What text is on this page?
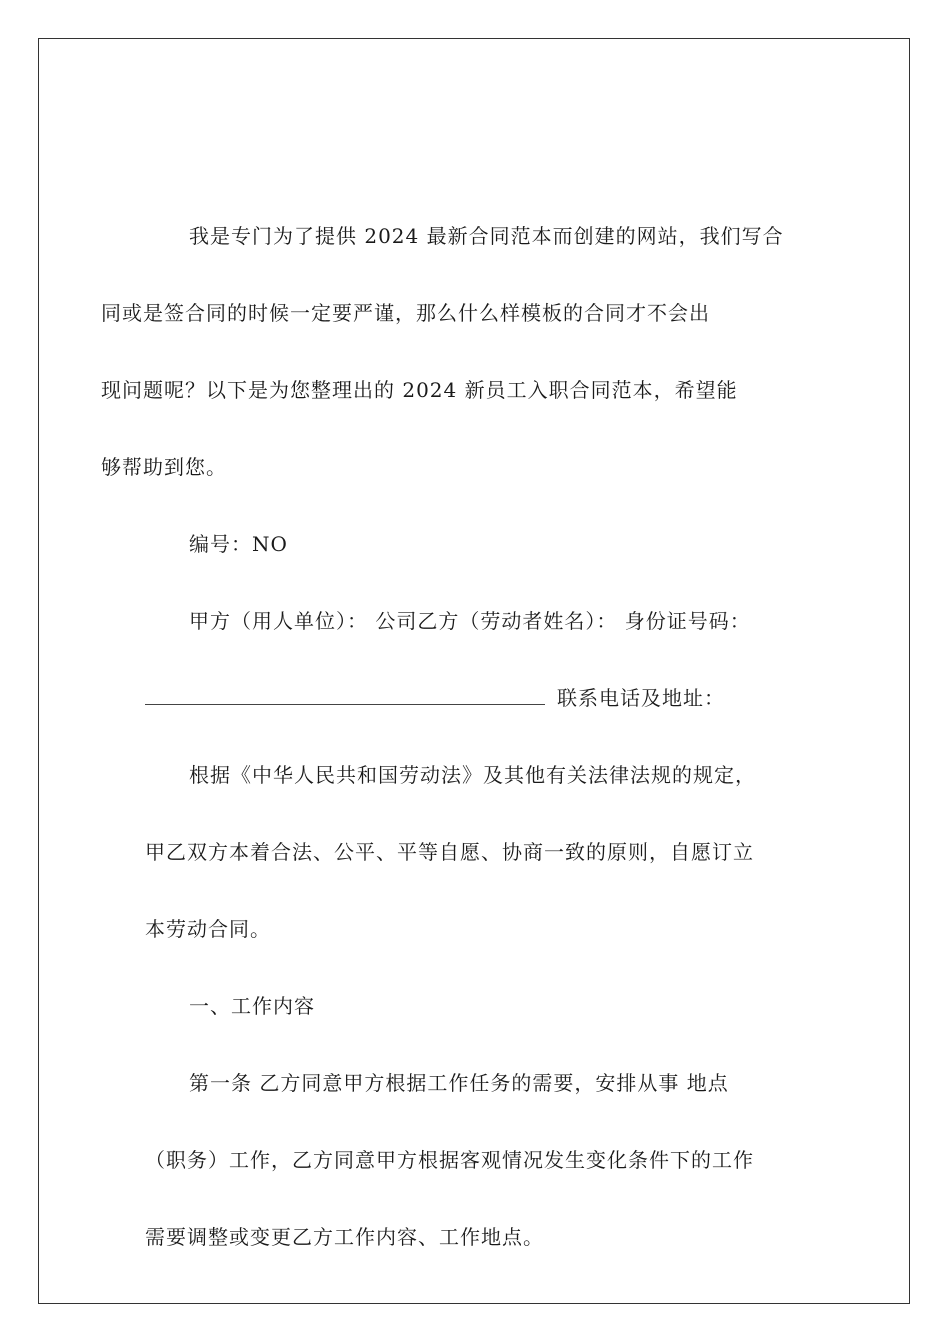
我是专门为了提供 2024 最新合同范本而创建的网站，我们写合
同或是签合同的时候一定要严谨，那么什么样模板的合同才不会出
现问题呢？以下是为您整理出的 2024 新员工入职合同范本，希望能
够帮助到您。
编号：NO
甲方（用人单位）： 公司乙方（劳动者姓名）： 身份证号码：
联系电话及地址：
根据《中华人民共和国劳动法》及其他有关法律法规的规定，
甲乙双方本着合法、公平、平等自愿、协商一致的原则，自愿订立
本劳动合同。
一、工作内容
第一条 乙方同意甲方根据工作任务的需要，安排从事 地点
（职务）工作，乙方同意甲方根据客观情况发生变化条件下的工作
需要调整或变更乙方工作内容、工作地点。
